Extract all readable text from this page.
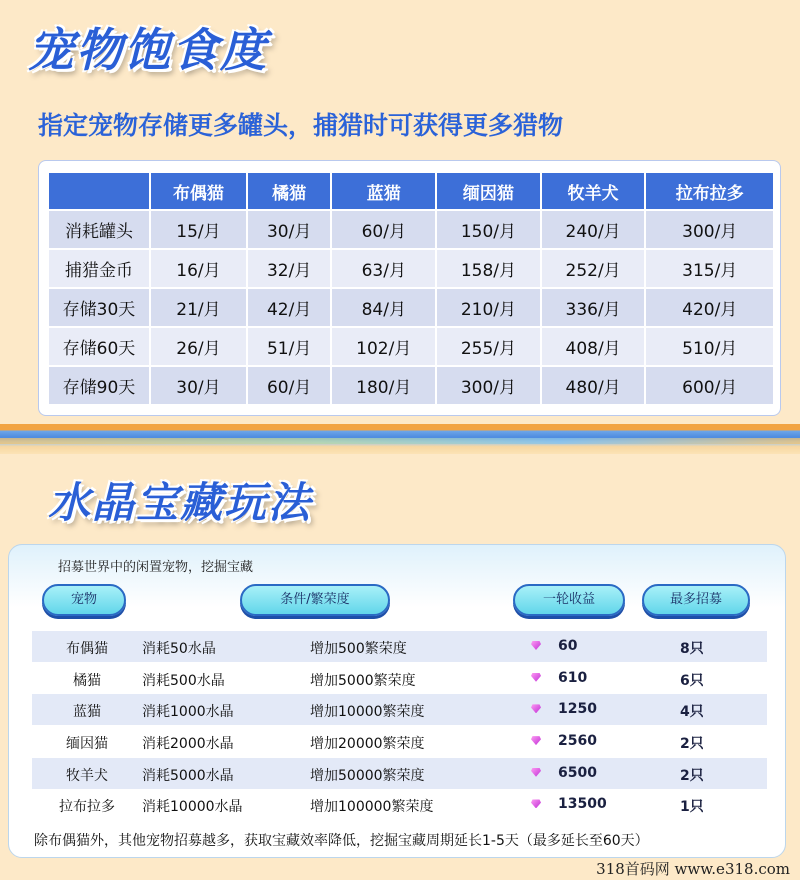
宠物饱食度
指定宠物存储更多罐头，捕猎时可获得更多猎物
	布偶猫	橘猫	蓝猫	缅因猫	牧羊犬	拉布拉多
消耗罐头	15/月	30/月	60/月	150/月	240/月	300/月
捕猎金币	16/月	32/月	63/月	158/月	252/月	315/月
存储30天	21/月	42/月	84/月	210/月	336/月	420/月
存储60天	26/月	51/月	102/月	255/月	408/月	510/月
存储90天	30/月	60/月	180/月	300/月	480/月	600/月
水晶宝藏玩法
招募世界中的闲置宠物，挖掘宝藏
宠物	条件/繁荣度	一轮收益	最多招募
布偶猫	消耗50水晶	增加500繁荣度	60	8只
橘猫	消耗500水晶	增加5000繁荣度	610	6只
蓝猫	消耗1000水晶	增加10000繁荣度	1250	4只
缅因猫	消耗2000水晶	增加20000繁荣度	2560	2只
牧羊犬	消耗5000水晶	增加50000繁荣度	6500	2只
拉布拉多	消耗10000水晶	增加100000繁荣度	13500	1只
除布偶猫外，其他宠物招募越多，获取宝藏效率降低，挖掘宝藏周期延长1-5天（最多延长至60天）
318首码网 www.e318.com
